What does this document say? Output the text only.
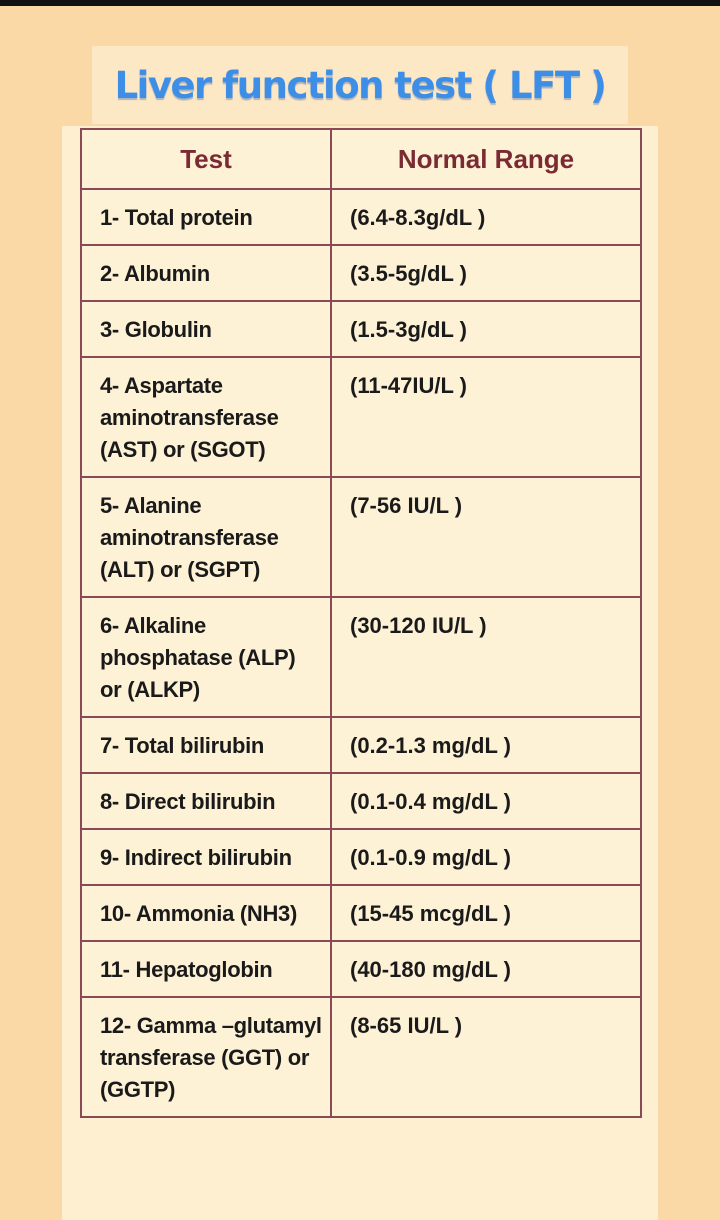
Liver function test ( LFT )
Test	Normal Range
1- Total protein	(6.4-8.3g/dL )
2- Albumin	(3.5-5g/dL )
3- Globulin	(1.5-3g/dL )
4- Aspartate aminotransferase (AST) or (SGOT)	(11-47IU/L )
5- Alanine aminotransferase (ALT) or (SGPT)	(7-56 IU/L )
6- Alkaline phosphatase (ALP) or (ALKP)	(30-120 IU/L )
7- Total bilirubin	(0.2-1.3 mg/dL )
8- Direct bilirubin	(0.1-0.4 mg/dL )
9- Indirect bilirubin	(0.1-0.9 mg/dL )
10- Ammonia (NH3)	(15-45 mcg/dL )
11- Hepatoglobin	(40-180 mg/dL )
12- Gamma –glutamyl transferase (GGT) or (GGTP)	(8-65 IU/L )
